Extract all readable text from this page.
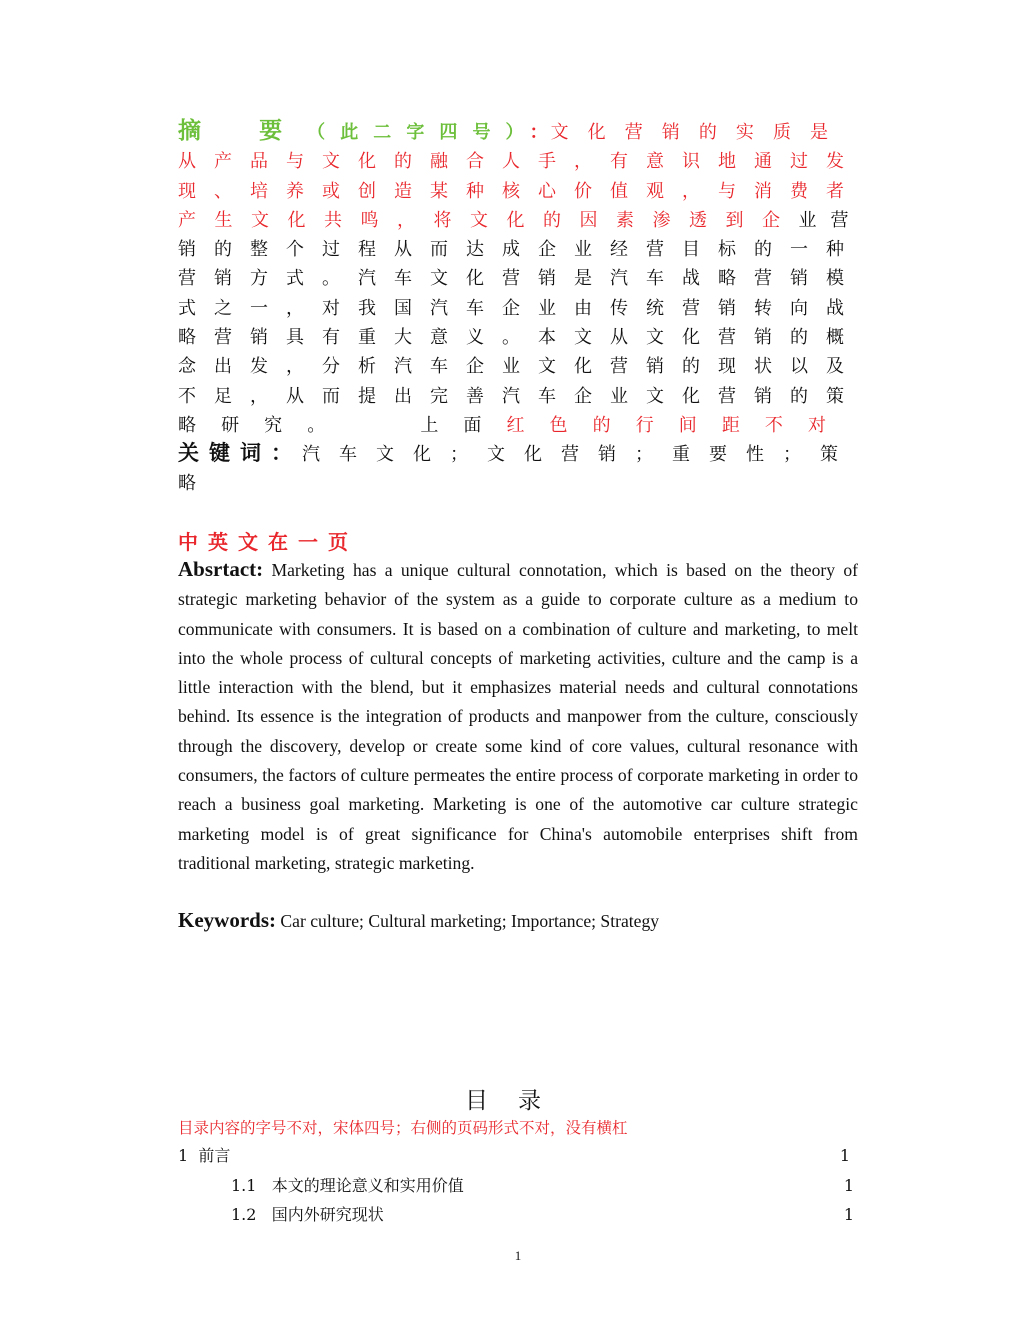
摘 要（此二字四号）：文化营销的实质是
从产品与文化的融合人手，有意识地通过发
现、培养或创造某种核心价值观，与消费者
产生文化共鸣，将文化的因素渗透到企业营
销的整个过程从而达成企业经营目标的一种
营销方式。汽车文化营销是汽车战略营销模
式之一，对我国汽车企业由传统营销转向战
略营销具有重大意义。本文从文化营销的概
念出发，分析汽车企业文化营销的现状以及
不足，从而提出完善汽车企业文化营销的策
略研究。	上面红色的行间距不对
关键词：汽车文化；文化营销；重要性；策
略
中英文在一页
Absrtact: Marketing has a unique cultural connotation, which is based on the theory of strategic marketing behavior of the system as a guide to corporate culture as a medium to communicate with consumers. It is based on a combination of culture and marketing, to melt into the whole process of cultural concepts of marketing activities, culture and the camp is a little interaction with the blend, but it emphasizes material needs and cultural connotations behind. Its essence is the integration of products and manpower from the culture, consciously through the discovery, develop or create some kind of core values, cultural resonance with consumers, the factors of culture permeates the entire process of corporate marketing in order to reach a business goal marketing. Marketing is one of the automotive car culture strategic marketing model is of great significance for China's automobile enterprises shift from traditional marketing, strategic marketing.
Keywords: Car culture; Cultural marketing; Importance; Strategy
目录
目录内容的字号不对，宋体四号；右侧的页码形式不对，没有横杠
1  前言	1
1.1   本文的理论意义和实用价值	1
1.2   国内外研究现状	1
1
